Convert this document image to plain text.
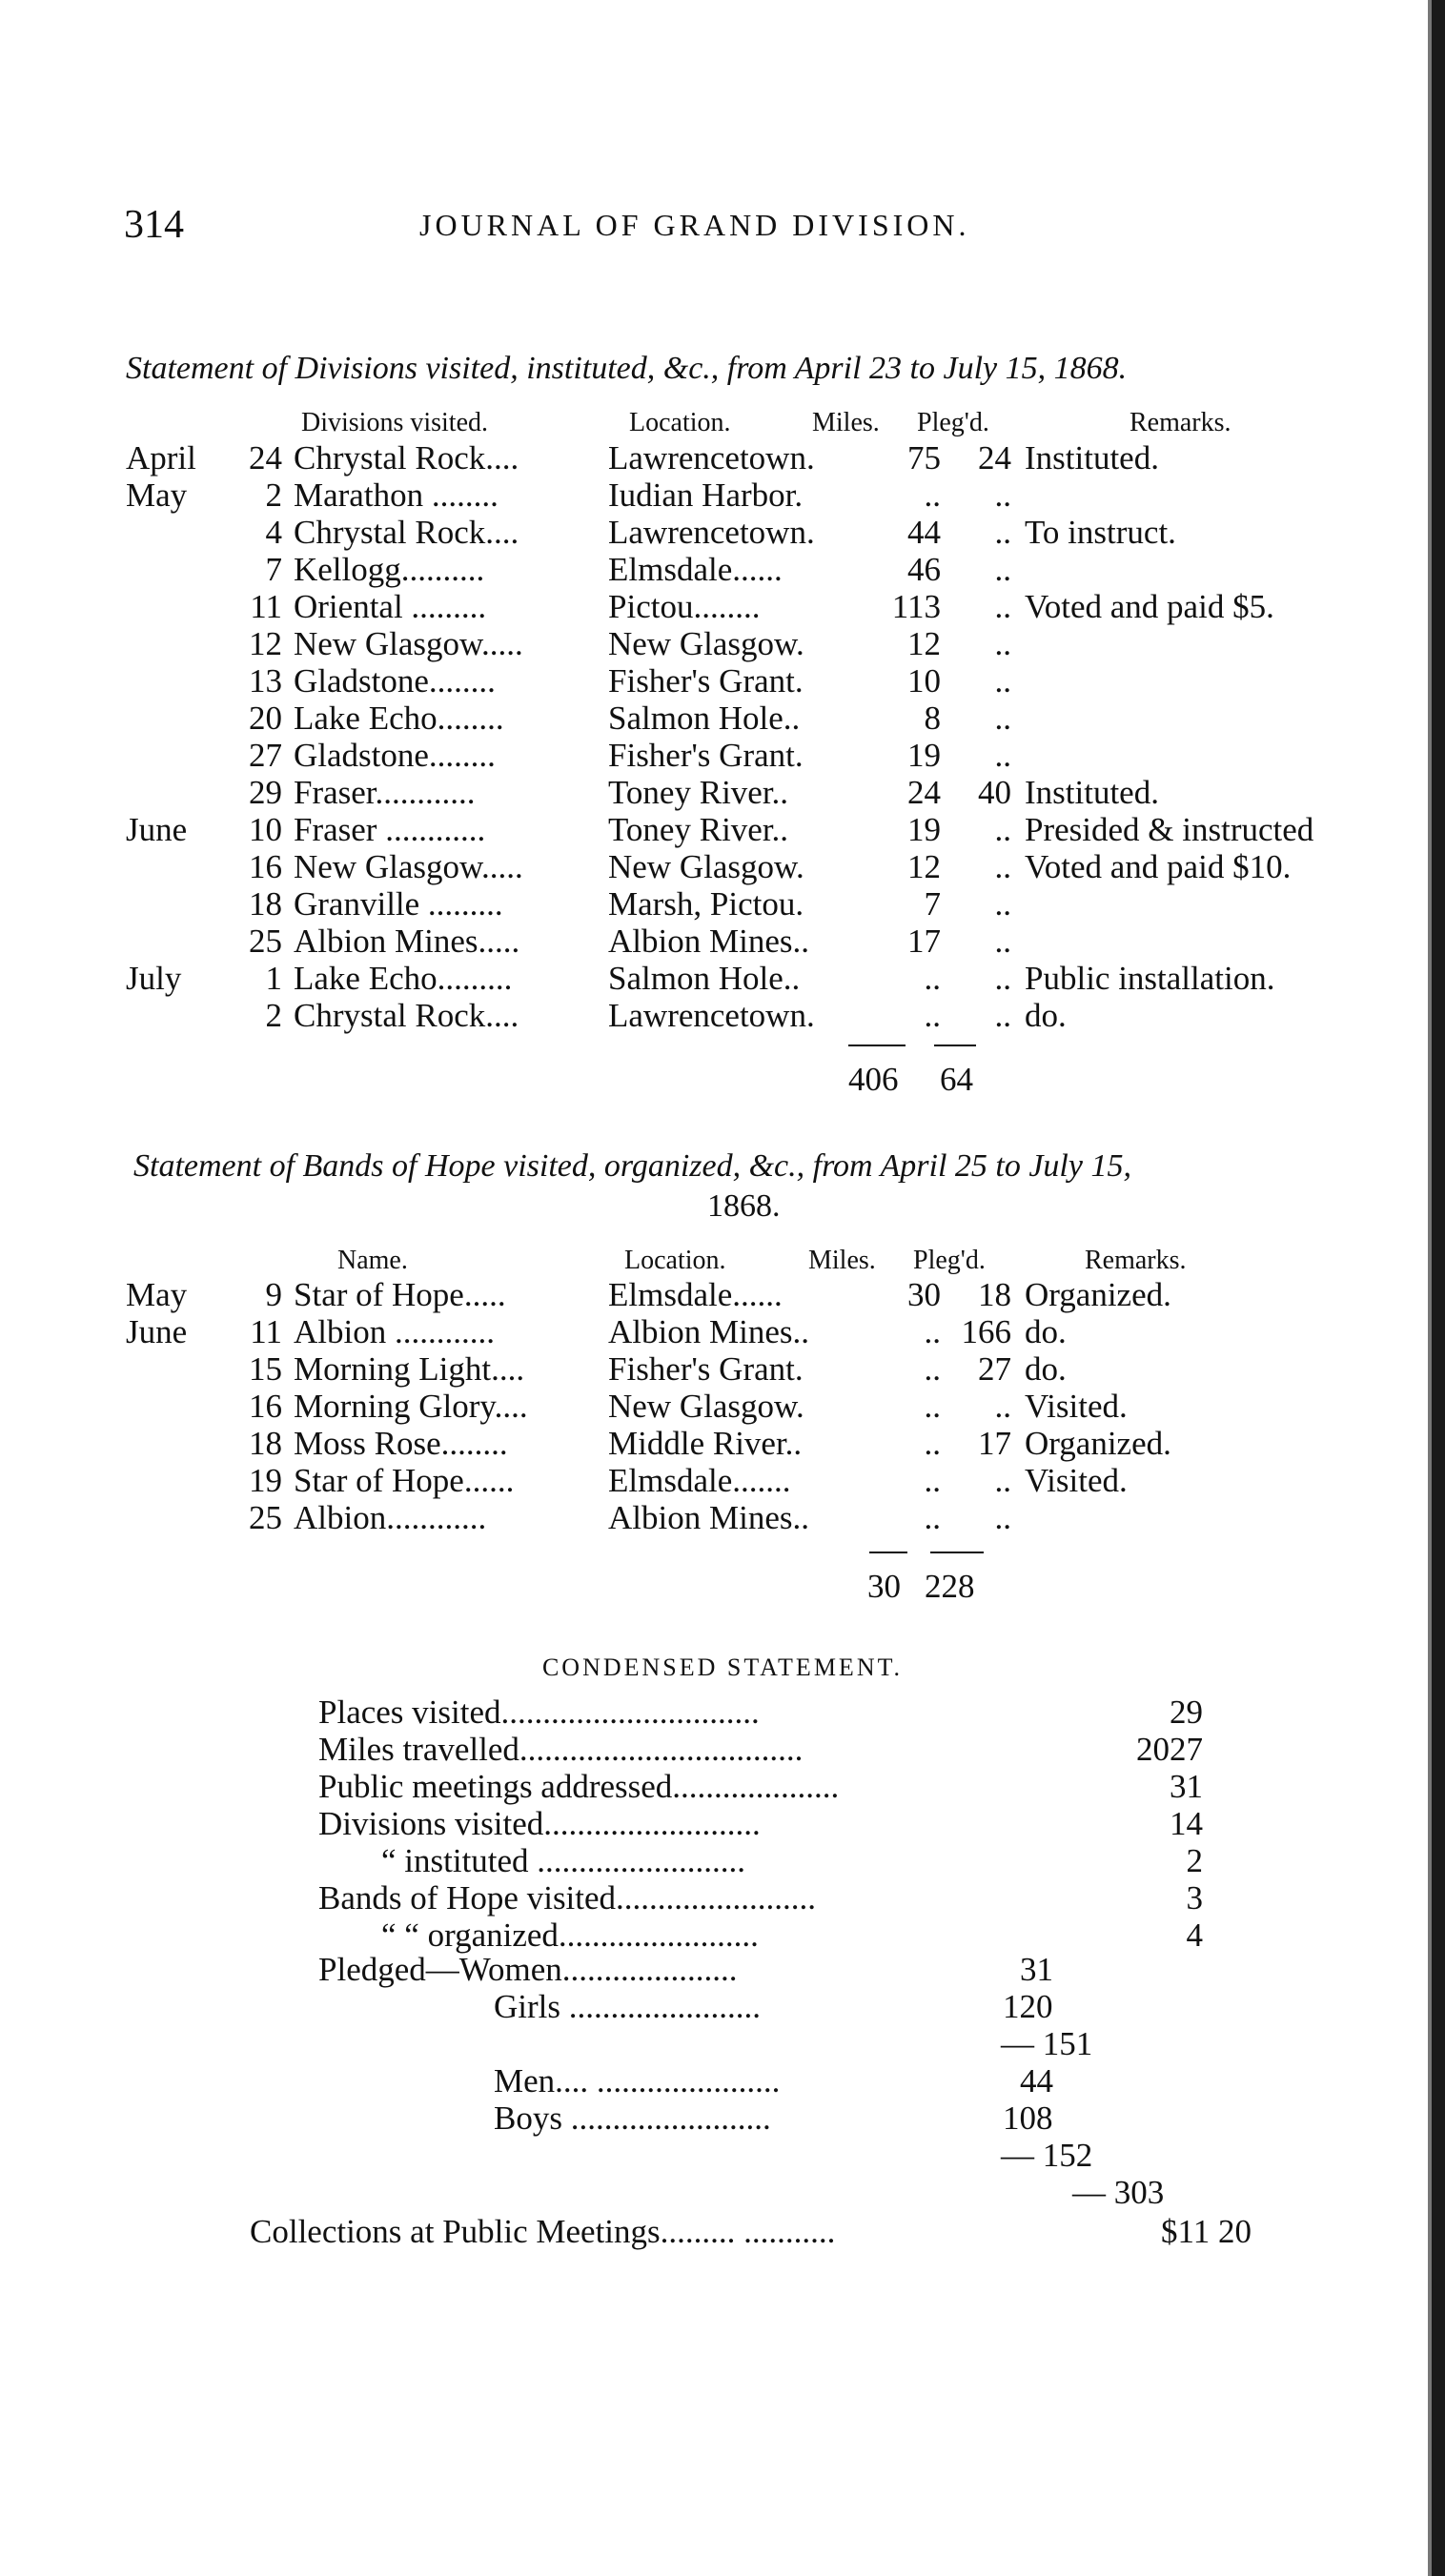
314	JOURNAL OF GRAND DIVISION.
Statement of Divisions visited, instituted, &c., from April 23 to July 15, 1868.
Divisions visited.	Location.	Miles. Pleg'd.	Remarks.
April	24	Chrystal Rock....	Lawrencetown.	75	24	Instituted.
May	2	Marathon ........	Iudian Harbor.	..	..	
	4	Chrystal Rock....	Lawrencetown.	44	..	To instruct.
	7	Kellogg..........	Elmsdale......	46	..	
	11	Oriental .........	Pictou........	113	..	Voted and paid $5.
	12	New Glasgow.....	New Glasgow.	12	..	
	13	Gladstone........	Fisher's Grant.	10	..	
	20	Lake Echo........	Salmon Hole..	8	..	
	27	Gladstone........	Fisher's Grant.	19	..	
	29	Fraser............	Toney River..	24	40	Instituted.
June	10	Fraser ............	Toney River..	19	..	Presided & instructed
	16	New Glasgow.....	New Glasgow.	12	..	Voted and paid $10.
	18	Granville .........	Marsh, Pictou.	7	..	
	25	Albion Mines.....	Albion Mines..	17	..	
July	1	Lake Echo.........	Salmon Hole..	..	..	Public installation.
	2	Chrystal Rock....	Lawrencetown.	..	..	do.
406 64
Statement of Bands of Hope visited, organized, &c., from April 25 to July 15,
1868.
Name.	Location.	Miles. Pleg'd.	Remarks.
May	9	Star of Hope.....	Elmsdale......	30	18	Organized.
June	11	Albion ............	Albion Mines..	..	166	do.
	15	Morning Light....	Fisher's Grant.	..	27	do.
	16	Morning Glory....	New Glasgow.	..	..	Visited.
	18	Moss Rose........	Middle River..	..	17	Organized.
	19	Star of Hope......	Elmsdale.......	..	..	Visited.
	25	Albion............	Albion Mines..	..	..	
30 228
CONDENSED STATEMENT.
Places visited...............................	29
Miles travelled..................................	2027
Public meetings addressed....................	31
Divisions visited..........................	14
“ instituted .........................	2
Bands of Hope visited........................	3
“ “ organized........................	4
Pledged—Women.....................	31
Girls .......................	120
— 151
Men.... ......................	44
Boys ........................	108
— 152
— 303
Collections at Public Meetings......... ...........	$11 20
